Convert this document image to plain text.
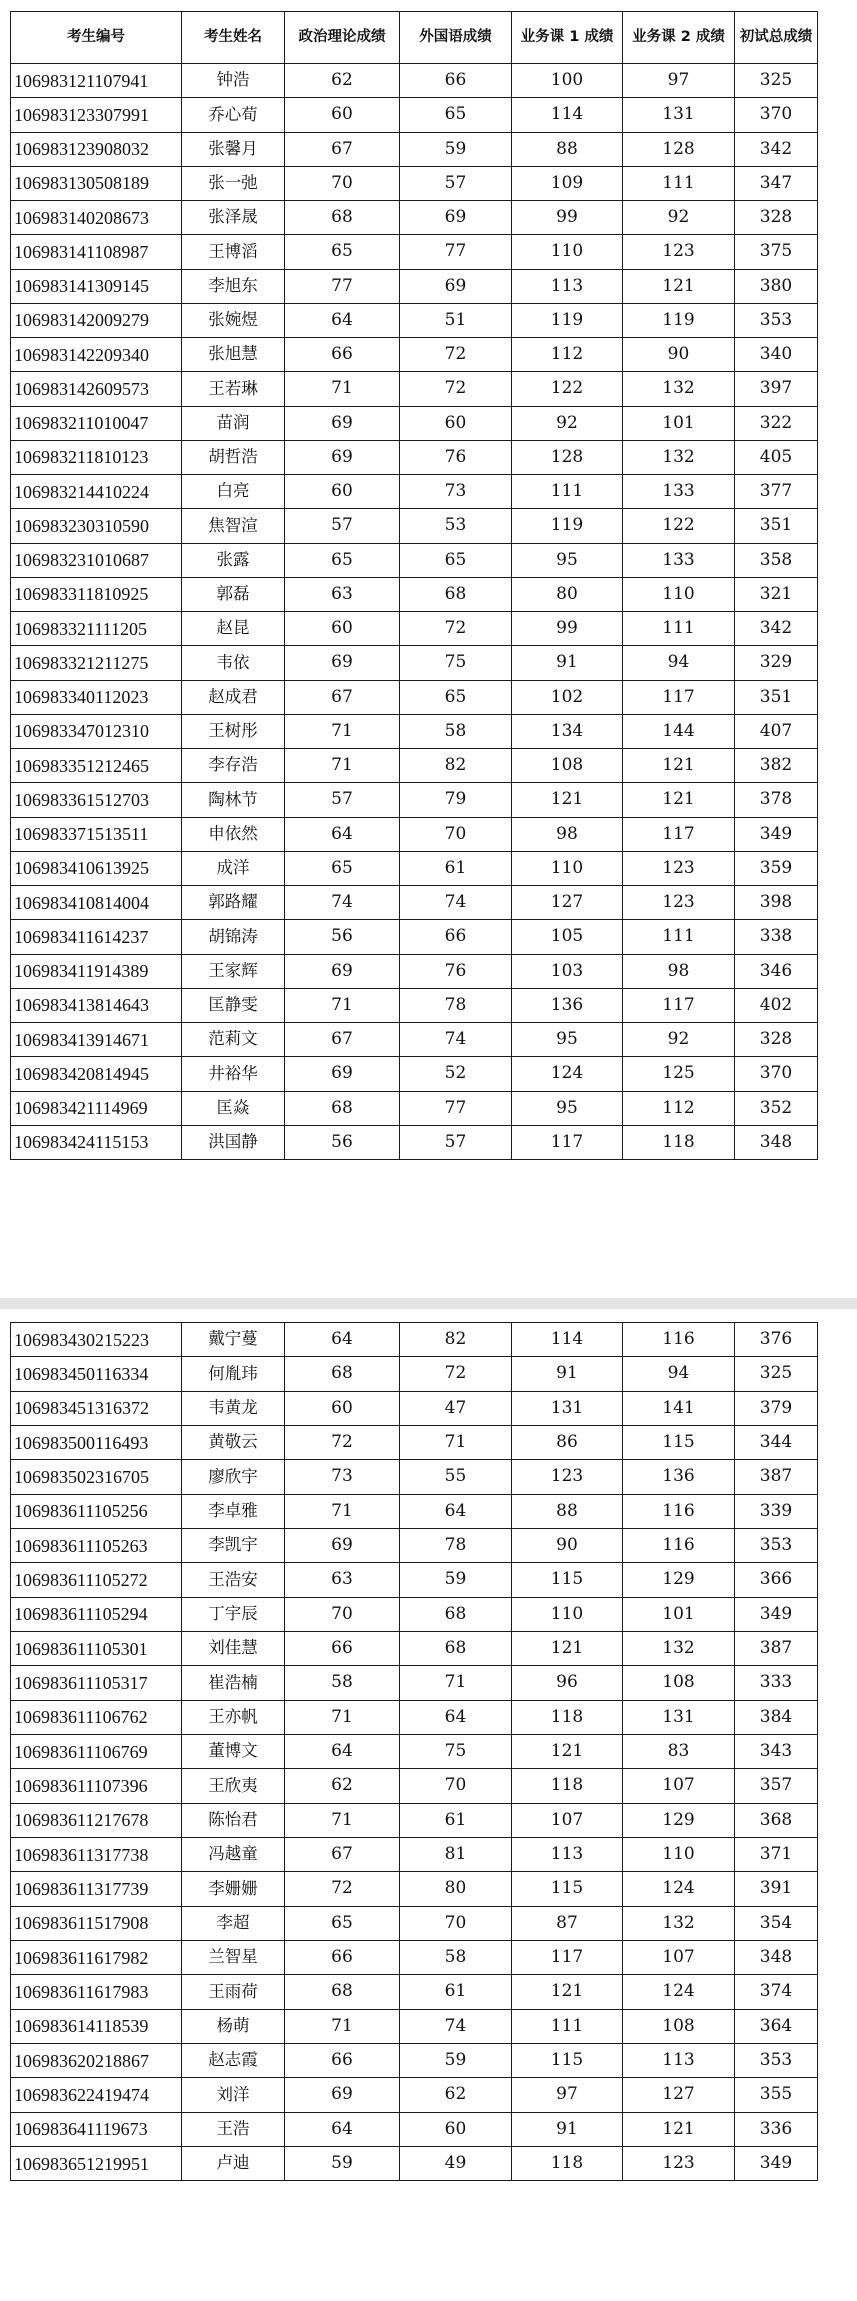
考生编号	考生姓名	政治理论成绩	外国语成绩	业务课 1 成绩	业务课 2 成绩	初试总成绩
106983121107941	钟浩	62	66	100	97	325
106983123307991	乔心荀	60	65	114	131	370
106983123908032	张馨月	67	59	88	128	342
106983130508189	张一弛	70	57	109	111	347
106983140208673	张泽晟	68	69	99	92	328
106983141108987	王博滔	65	77	110	123	375
106983141309145	李旭东	77	69	113	121	380
106983142009279	张婉煜	64	51	119	119	353
106983142209340	张旭慧	66	72	112	90	340
106983142609573	王若琳	71	72	122	132	397
106983211010047	苗润	69	60	92	101	322
106983211810123	胡哲浩	69	76	128	132	405
106983214410224	白亮	60	73	111	133	377
106983230310590	焦智渲	57	53	119	122	351
106983231010687	张露	65	65	95	133	358
106983311810925	郭磊	63	68	80	110	321
106983321111205	赵昆	60	72	99	111	342
106983321211275	韦依	69	75	91	94	329
106983340112023	赵成君	67	65	102	117	351
106983347012310	王树彤	71	58	134	144	407
106983351212465	李存浩	71	82	108	121	382
106983361512703	陶林节	57	79	121	121	378
106983371513511	申依然	64	70	98	117	349
106983410613925	成洋	65	61	110	123	359
106983410814004	郭路耀	74	74	127	123	398
106983411614237	胡锦涛	56	66	105	111	338
106983411914389	王家辉	69	76	103	98	346
106983413814643	匡静雯	71	78	136	117	402
106983413914671	范莉文	67	74	95	92	328
106983420814945	井裕华	69	52	124	125	370
106983421114969	匡焱	68	77	95	112	352
106983424115153	洪国静	56	57	117	118	348
106983430215223	戴宁蔓	64	82	114	116	376
106983450116334	何胤玮	68	72	91	94	325
106983451316372	韦黄龙	60	47	131	141	379
106983500116493	黄敬云	72	71	86	115	344
106983502316705	廖欣宇	73	55	123	136	387
106983611105256	李卓雅	71	64	88	116	339
106983611105263	李凯宇	69	78	90	116	353
106983611105272	王浩安	63	59	115	129	366
106983611105294	丁宇辰	70	68	110	101	349
106983611105301	刘佳慧	66	68	121	132	387
106983611105317	崔浩楠	58	71	96	108	333
106983611106762	王亦帆	71	64	118	131	384
106983611106769	董博文	64	75	121	83	343
106983611107396	王欣夷	62	70	118	107	357
106983611217678	陈怡君	71	61	107	129	368
106983611317738	冯越童	67	81	113	110	371
106983611317739	李姗姗	72	80	115	124	391
106983611517908	李超	65	70	87	132	354
106983611617982	兰智星	66	58	117	107	348
106983611617983	王雨荷	68	61	121	124	374
106983614118539	杨萌	71	74	111	108	364
106983620218867	赵志霞	66	59	115	113	353
106983622419474	刘洋	69	62	97	127	355
106983641119673	王浩	64	60	91	121	336
106983651219951	卢迪	59	49	118	123	349
